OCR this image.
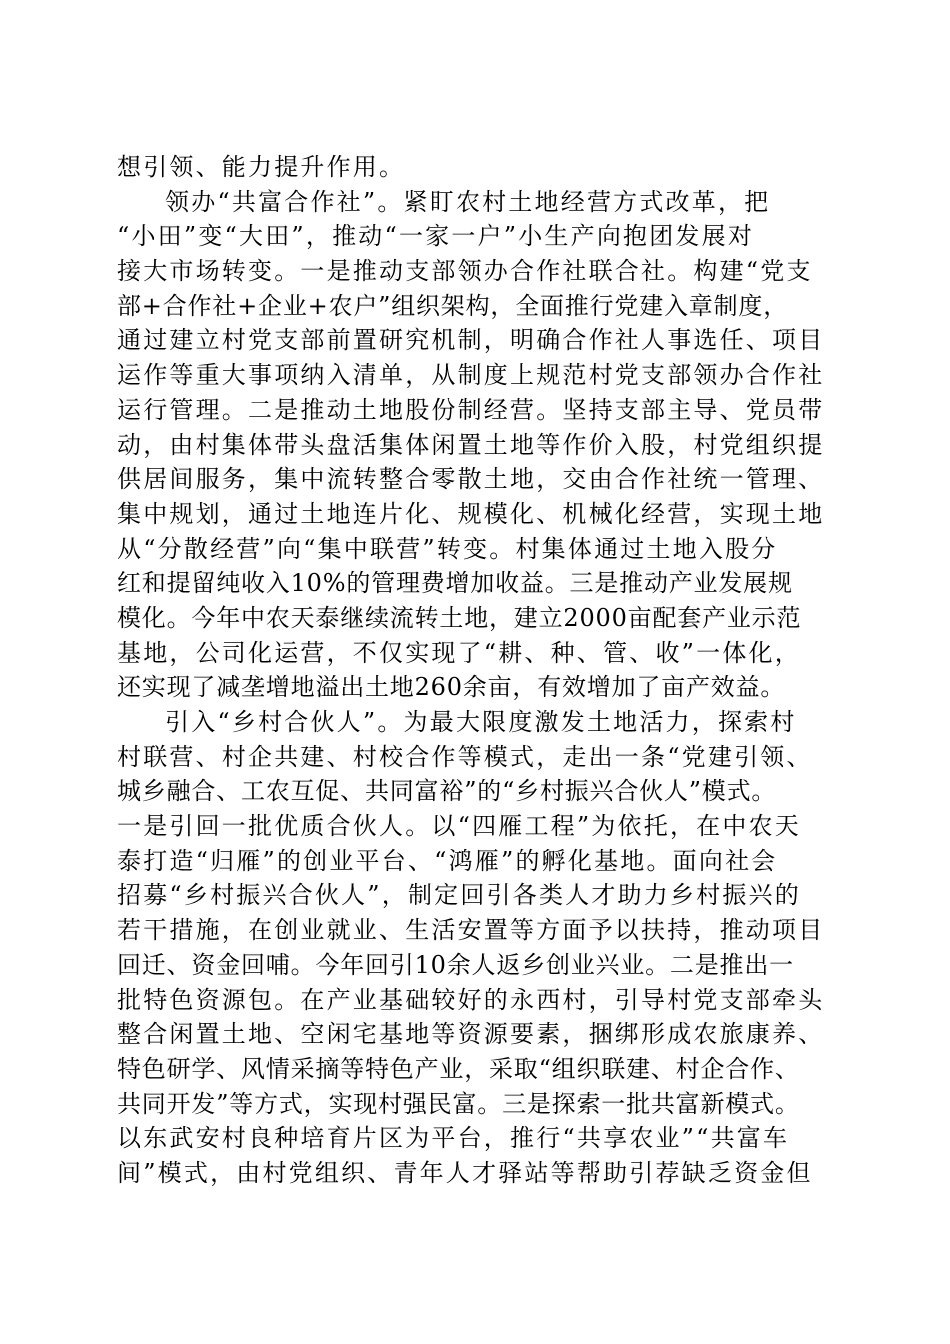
想引领、能力提升作用。
领办“共富合作社”。紧盯农村土地经营方式改革，把
“小田”变“大田”，推动“一家一户”小生产向抱团发展对
接大市场转变。一是推动支部领办合作社联合社。构建“党支
部+合作社+企业+农户”组织架构，全面推行党建入章制度，
通过建立村党支部前置研究机制，明确合作社人事选任、项目
运作等重大事项纳入清单，从制度上规范村党支部领办合作社
运行管理。二是推动土地股份制经营。坚持支部主导、党员带
动，由村集体带头盘活集体闲置土地等作价入股，村党组织提
供居间服务，集中流转整合零散土地，交由合作社统一管理、
集中规划，通过土地连片化、规模化、机械化经营，实现土地
从“分散经营”向“集中联营”转变。村集体通过土地入股分
红和提留纯收入10%的管理费增加收益。三是推动产业发展规
模化。今年中农天泰继续流转土地，建立2000亩配套产业示范
基地，公司化运营，不仅实现了“耕、种、管、收”一体化，
还实现了减垄增地溢出土地260余亩，有效增加了亩产效益。
引入“乡村合伙人”。为最大限度激发土地活力，探索村
村联营、村企共建、村校合作等模式，走出一条“党建引领、
城乡融合、工农互促、共同富裕”的“乡村振兴合伙人”模式。
一是引回一批优质合伙人。以“四雁工程”为依托，在中农天
泰打造“归雁”的创业平台、“鸿雁”的孵化基地。面向社会
招募“乡村振兴合伙人”，制定回引各类人才助力乡村振兴的
若干措施，在创业就业、生活安置等方面予以扶持，推动项目
回迁、资金回哺。今年回引10余人返乡创业兴业。二是推出一
批特色资源包。在产业基础较好的永西村，引导村党支部牵头
整合闲置土地、空闲宅基地等资源要素，捆绑形成农旅康养、
特色研学、风情采摘等特色产业，采取“组织联建、村企合作、
共同开发”等方式，实现村强民富。三是探索一批共富新模式。
以东武安村良种培育片区为平台，推行“共享农业”“共富车
间”模式，由村党组织、青年人才驿站等帮助引荐缺乏资金但
